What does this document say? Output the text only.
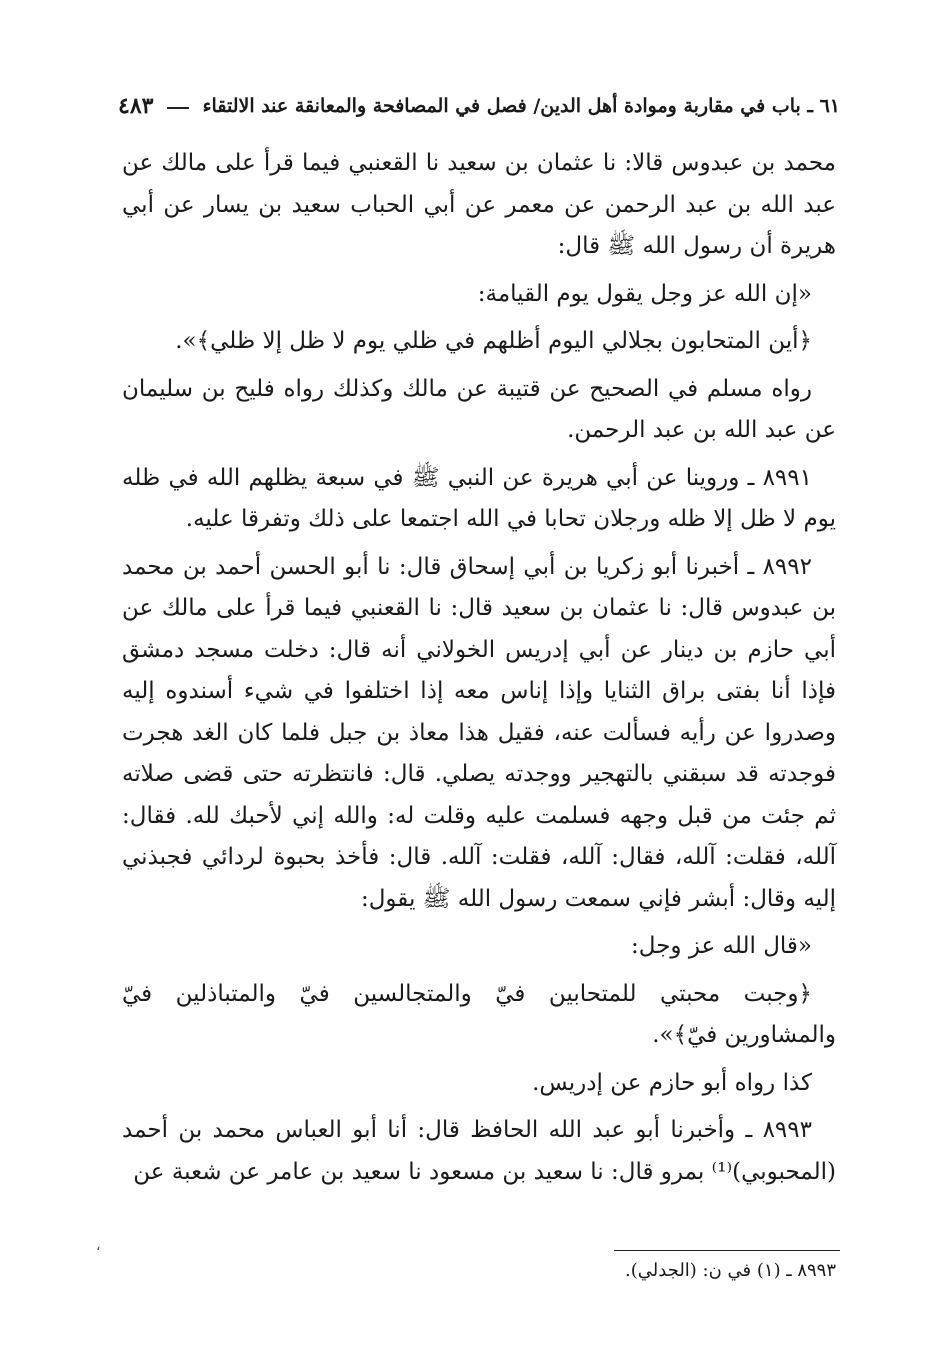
٦١ ـ باب في مقاربة وموادة أهل الدين/ فصل في المصافحة والمعانقة عند الالتقاء
٤٨٣

محمد بن عبدوس قالا: نا عثمان بن سعيد نا القعنبي فيما قرأ على مالك عن عبد الله بن عبد الرحمن عن معمر عن أبي الحباب سعيد بن يسار عن أبي هريرة أن رسول الله ﷺ قال:

«إن الله عز وجل يقول يوم القيامة:

﴿أين المتحابون بجلالي اليوم أظلهم في ظلي يوم لا ظل إلا ظلي﴾».

رواه مسلم في الصحيح عن قتيبة عن مالك وكذلك رواه فليح بن سليمان عن عبد الله بن عبد الرحمن.

٨٩٩١ ـ وروينا عن أبي هريرة عن النبي ﷺ في سبعة يظلهم الله في ظله يوم لا ظل إلا ظله ورجلان تحابا في الله اجتمعا على ذلك وتفرقا عليه.

٨٩٩٢ ـ أخبرنا أبو زكريا بن أبي إسحاق قال: نا أبو الحسن أحمد بن محمد بن عبدوس قال: نا عثمان بن سعيد قال: نا القعنبي فيما قرأ على مالك عن أبي حازم بن دينار عن أبي إدريس الخولاني أنه قال: دخلت مسجد دمشق فإذا أنا بفتى براق الثنايا وإذا إناس معه إذا اختلفوا في شيء أسندوه إليه وصدروا عن رأيه فسألت عنه، فقيل هذا معاذ بن جبل فلما كان الغد هجرت فوجدته قد سبقني بالتهجير ووجدته يصلي. قال: فانتظرته حتى قضى صلاته ثم جئت من قبل وجهه فسلمت عليه وقلت له: والله إني لأحبك لله. فقال: آلله، فقلت: آلله، فقال: آلله، فقلت: آلله. قال: فأخذ بحبوة لردائي فجبذني إليه وقال: أبشر فإني سمعت رسول الله ﷺ يقول:

«قال الله عز وجل:

﴿وجبت محبتي للمتحابين فيّ والمتجالسين فيّ والمتباذلين فيّ والمشاورين فيّ﴾».

كذا رواه أبو حازم عن إدريس.

٨٩٩٣ ـ وأخبرنا أبو عبد الله الحافظ قال: أنا أبو العباس محمد بن أحمد (المحبوبي)⁽¹⁾ بمرو قال: نا سعيد بن مسعود نا سعيد بن عامر عن شعبة عن

،
٨٩٩٣ ـ (١) في ن: (الجدلي).
